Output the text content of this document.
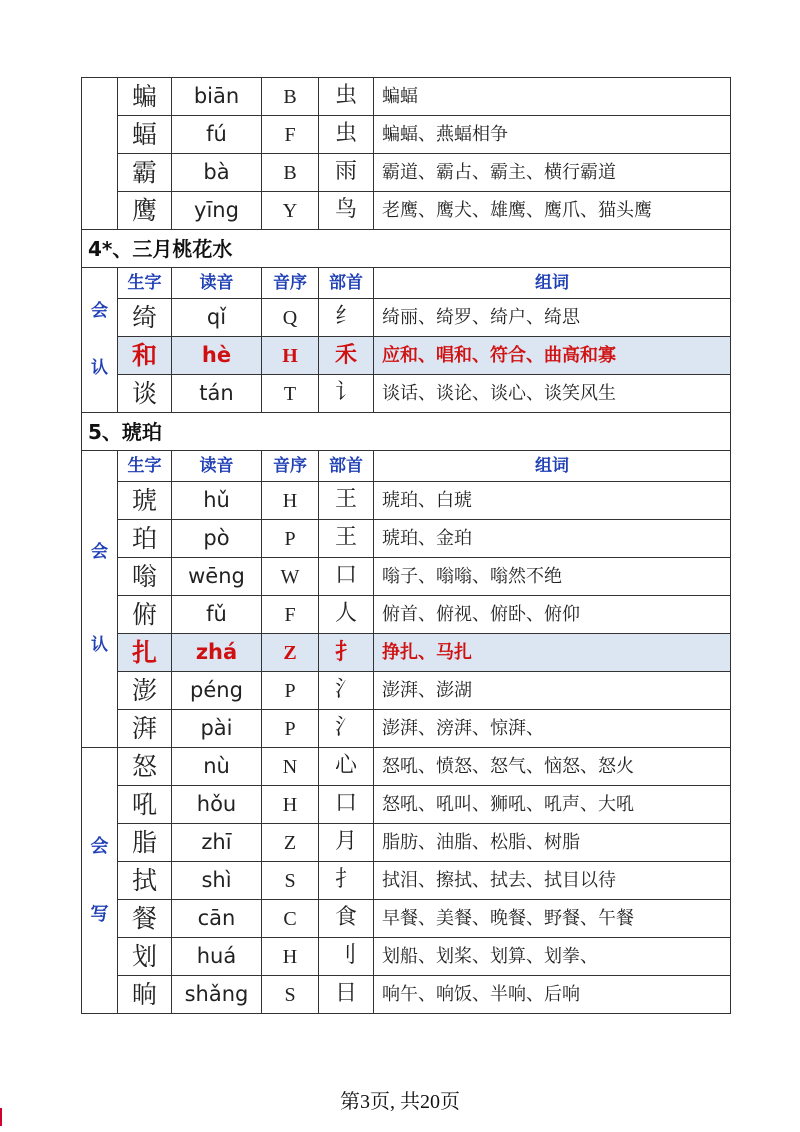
	蝙	biān	B	虫	蝙蝠
	蝠	fú	F	虫	蝙蝠、燕蝠相争
	霸	bà	B	雨	霸道、霸占、霸主、横行霸道
	鹰	yīng	Y	鸟	老鹰、鹰犬、雄鹰、鹰爪、猫头鹰
4*、三月桃花水					

会
认	生字	读音	音序	部首	组词
	绮	qǐ	Q	纟	绮丽、绮罗、绮户、绮思
	和	hè	H	禾	应和、唱和、符合、曲高和寡
	谈	tán	T	讠	谈话、谈论、谈心、谈笑风生
5、琥珀					

会
认	生字	读音	音序	部首	组词
	琥	hǔ	H	王	琥珀、白琥
	珀	pò	P	王	琥珀、金珀
	嗡	wēng	W	口	嗡子、嗡嗡、嗡然不绝
	俯	fǔ	F	人	俯首、俯视、俯卧、俯仰
	扎	zhá	Z	扌	挣扎、马扎
	澎	péng	P	氵	澎湃、澎湖
	湃	pài	P	氵	澎湃、滂湃、惊湃、

会
写	怒	nù	N	心	怒吼、愤怒、怒气、恼怒、怒火
	吼	hǒu	H	口	怒吼、吼叫、狮吼、吼声、大吼
	脂	zhī	Z	月	脂肪、油脂、松脂、树脂
	拭	shì	S	扌	拭泪、擦拭、拭去、拭目以待
	餐	cān	C	食	早餐、美餐、晚餐、野餐、午餐
	划	huá	H	刂	划船、划桨、划算、划拳、
	晌	shǎng	S	日	响午、响饭、半响、后响
第3页, 共20页
